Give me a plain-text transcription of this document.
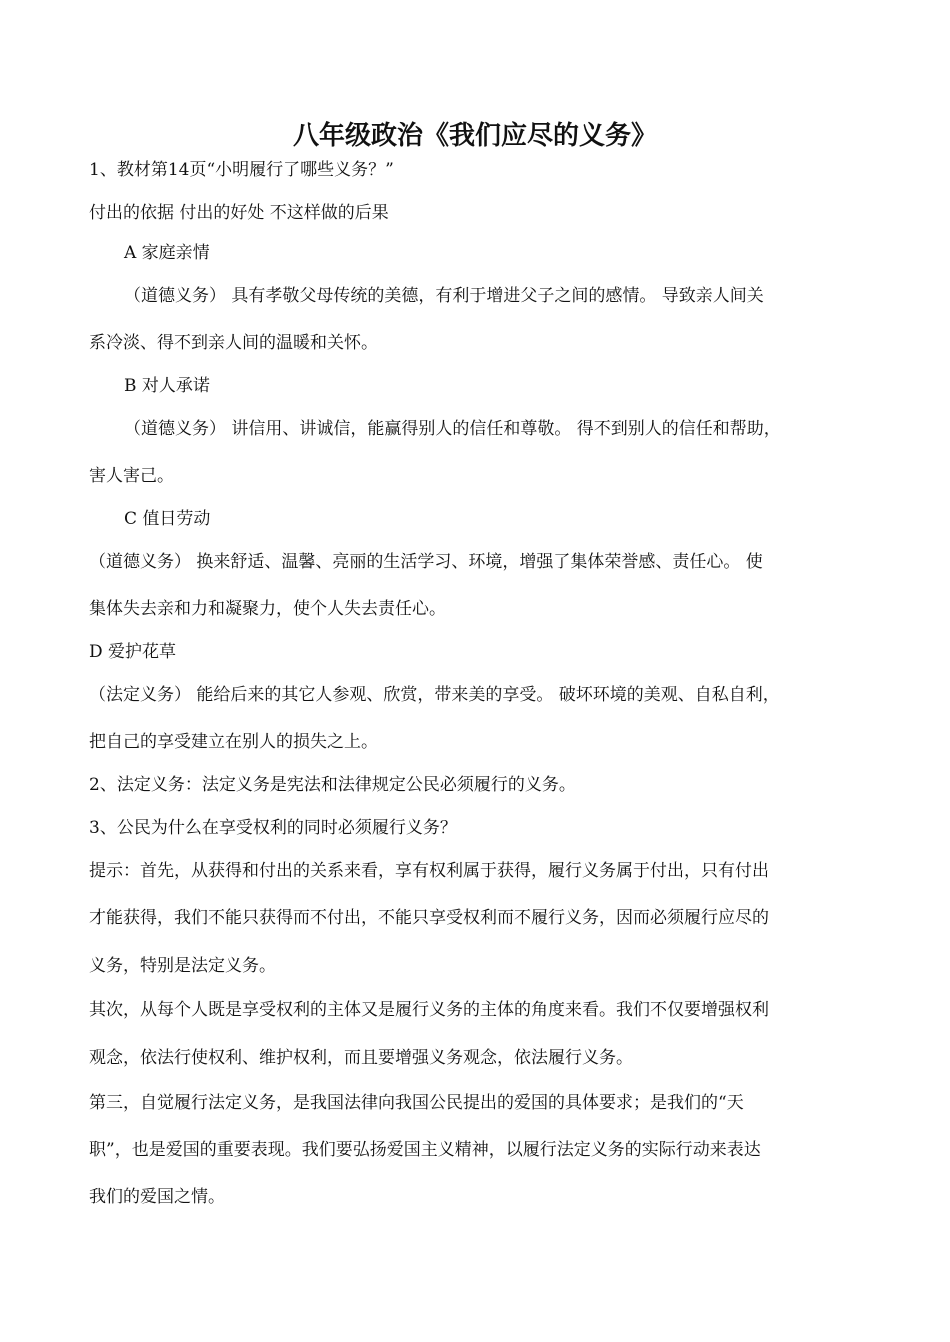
八年级政治《我们应尽的义务》
1、教材第14页“小明履行了哪些义务？”
付出的依据 付出的好处 不这样做的后果
A 家庭亲情
（道德义务） 具有孝敬父母传统的美德，有利于增进父子之间的感情。 导致亲人间关
系冷淡、得不到亲人间的温暖和关怀。
B 对人承诺
（道德义务） 讲信用、讲诚信，能赢得别人的信任和尊敬。 得不到别人的信任和帮助，
害人害己。
C 值日劳动
（道德义务） 换来舒适、温馨、亮丽的生活学习、环境，增强了集体荣誉感、责任心。 使
集体失去亲和力和凝聚力，使个人失去责任心。
D 爱护花草
（法定义务） 能给后来的其它人参观、欣赏，带来美的享受。 破坏环境的美观、自私自利，
把自己的享受建立在别人的损失之上。
2、法定义务：法定义务是宪法和法律规定公民必须履行的义务。
3、公民为什么在享受权利的同时必须履行义务？
提示：首先，从获得和付出的关系来看，享有权利属于获得，履行义务属于付出，只有付出
才能获得，我们不能只获得而不付出，不能只享受权利而不履行义务，因而必须履行应尽的
义务，特别是法定义务。
其次，从每个人既是享受权利的主体又是履行义务的主体的角度来看。我们不仅要增强权利
观念，依法行使权利、维护权利，而且要增强义务观念，依法履行义务。
第三，自觉履行法定义务，是我国法律向我国公民提出的爱国的具体要求；是我们的“天
职”，也是爱国的重要表现。我们要弘扬爱国主义精神，以履行法定义务的实际行动来表达
我们的爱国之情。
